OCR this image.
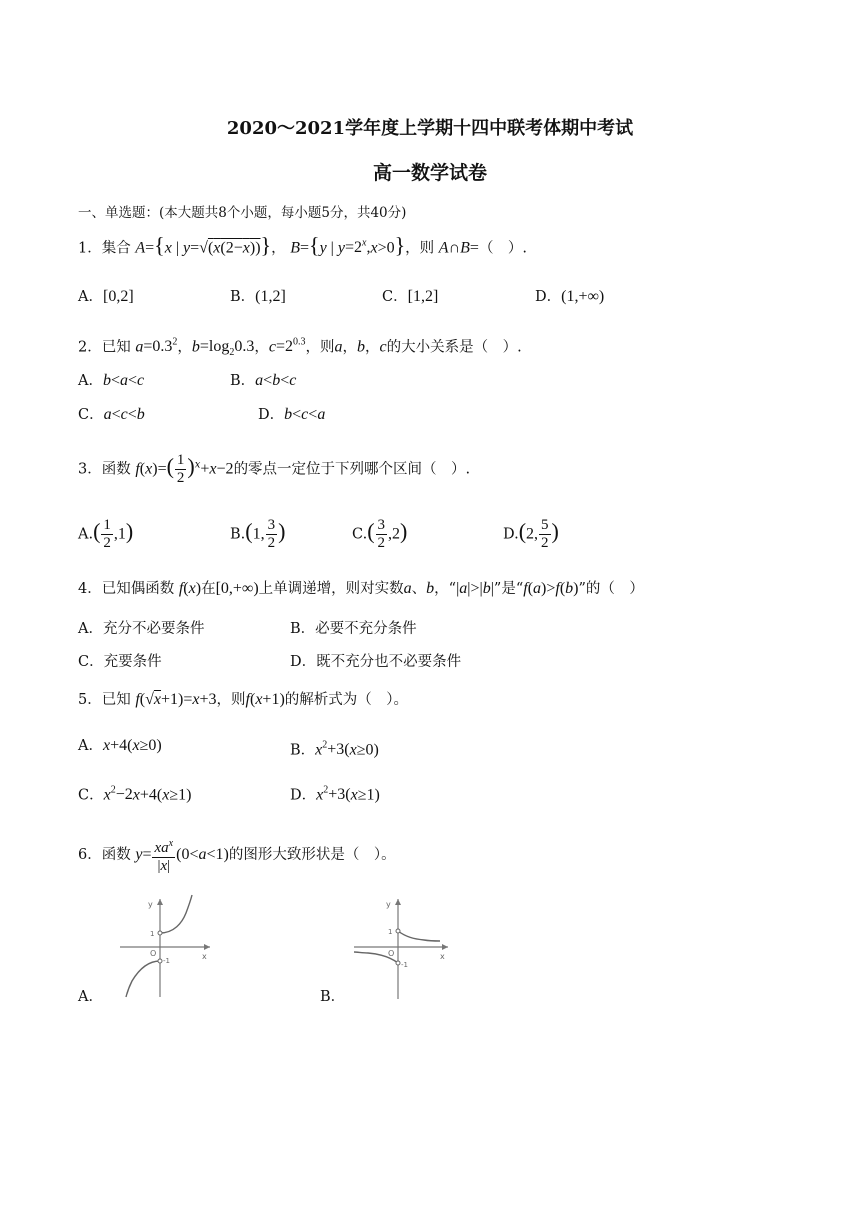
2020～2021学年度上学期十四中联考体期中考试
高一数学试卷
一、单选题：(本大题共8个小题，每小题5分，共40分)
1．集合 A={x | y=√(x(2−x))}， B={y | $y=2^x,x>0$}，则 A∩B=（　）.
A．[0,2]	B．(1,2]	C．[1,2]	D．(1,+∞)
2．已知 $a=0.3^2$，$b=\log_20.3$，$c=2^{0.3}$，则a，b，c的大小关系是（　）.
A．b<a<c	B．a<b<c
C．a<c<b	D．b<c<a
3．函数 $f(x)=( \frac{1}{2} )^x+x-2$的零点一定位于下列哪个区间（　）.
$A.( \frac{1}{2} ,1)$	B.(1, $\frac{3}{2}$ )	$C.( \frac{3}{2} ,2)$	D.(2, $\frac{5}{2}$ )
4．已知偶函数 f(x)在[0,+∞)上单调递增，则对实数a、b，“|a|>|b|”是“f(a)>f(b)”的（　）
A．充分不必要条件	B．必要不充分条件
C．充要条件	D．既不充分也不必要条件
5．已知 f(√x+1)=x+3，则f(x+1)的解析式为（　）。
A．x+4(x≥0)	B．$x^2+3(x\ge 0)$
C．$x^2-2x+4(x\ge 1)$	D．$x^2+3(x\ge 1)$
6．函数 $y= \frac{xa^x}{|x|} (0<a<1)$的图形大致形状是（　）。
A．	B．
y
x
O
1
-1
y
x
O
1
-1
